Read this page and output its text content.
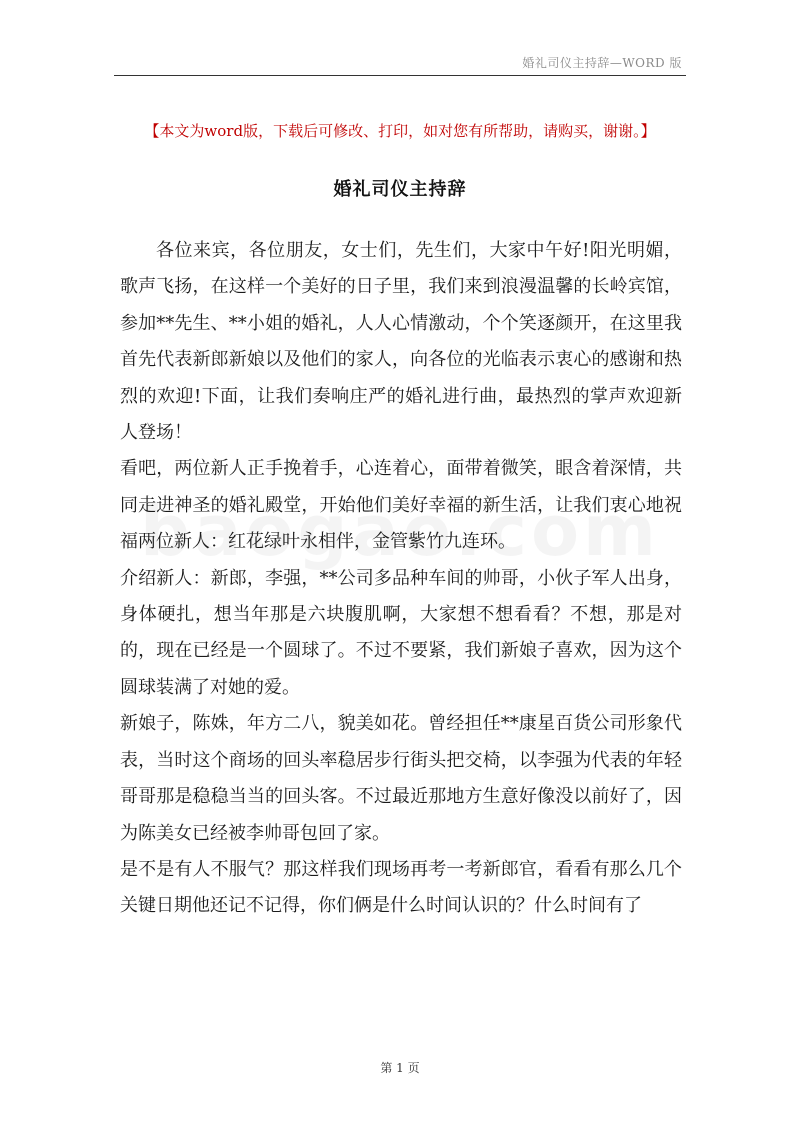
婚礼司仪主持辞—WORD 版
【本文为word版，下载后可修改、打印，如对您有所帮助，请购买，谢谢。】
婚礼司仪主持辞

各位来宾，各位朋友，女士们，先生们，大家中午好!阳光明媚，歌声飞扬，在这样一个美好的日子里，我们来到浪漫温馨的长岭宾馆，参加**先生、**小姐的婚礼，人人心情激动，个个笑逐颜开，在这里我首先代表新郎新娘以及他们的家人，向各位的光临表示衷心的感谢和热烈的欢迎!下面，让我们奏响庄严的婚礼进行曲，最热烈的掌声欢迎新人登场！

看吧，两位新人正手挽着手，心连着心，面带着微笑，眼含着深情，共同走进神圣的婚礼殿堂，开始他们美好幸福的新生活，让我们衷心地祝福两位新人：红花绿叶永相伴，金管紫竹九连环。

介绍新人：新郎，李强，**公司多品种车间的帅哥，小伙子军人出身，身体硬扎，想当年那是六块腹肌啊，大家想不想看看？不想，那是对的，现在已经是一个圆球了。不过不要紧，我们新娘子喜欢，因为这个圆球装满了对她的爱。

新娘子，陈姝，年方二八，貌美如花。曾经担任**康星百货公司形象代表，当时这个商场的回头率稳居步行街头把交椅，以李强为代表的年轻哥哥那是稳稳当当的回头客。不过最近那地方生意好像没以前好了，因为陈美女已经被李帅哥包回了家。

是不是有人不服气？那这样我们现场再考一考新郎官，看看有那么几个关键日期他还记不记得，你们俩是什么时间认识的？什么时间有了

第 1 页
